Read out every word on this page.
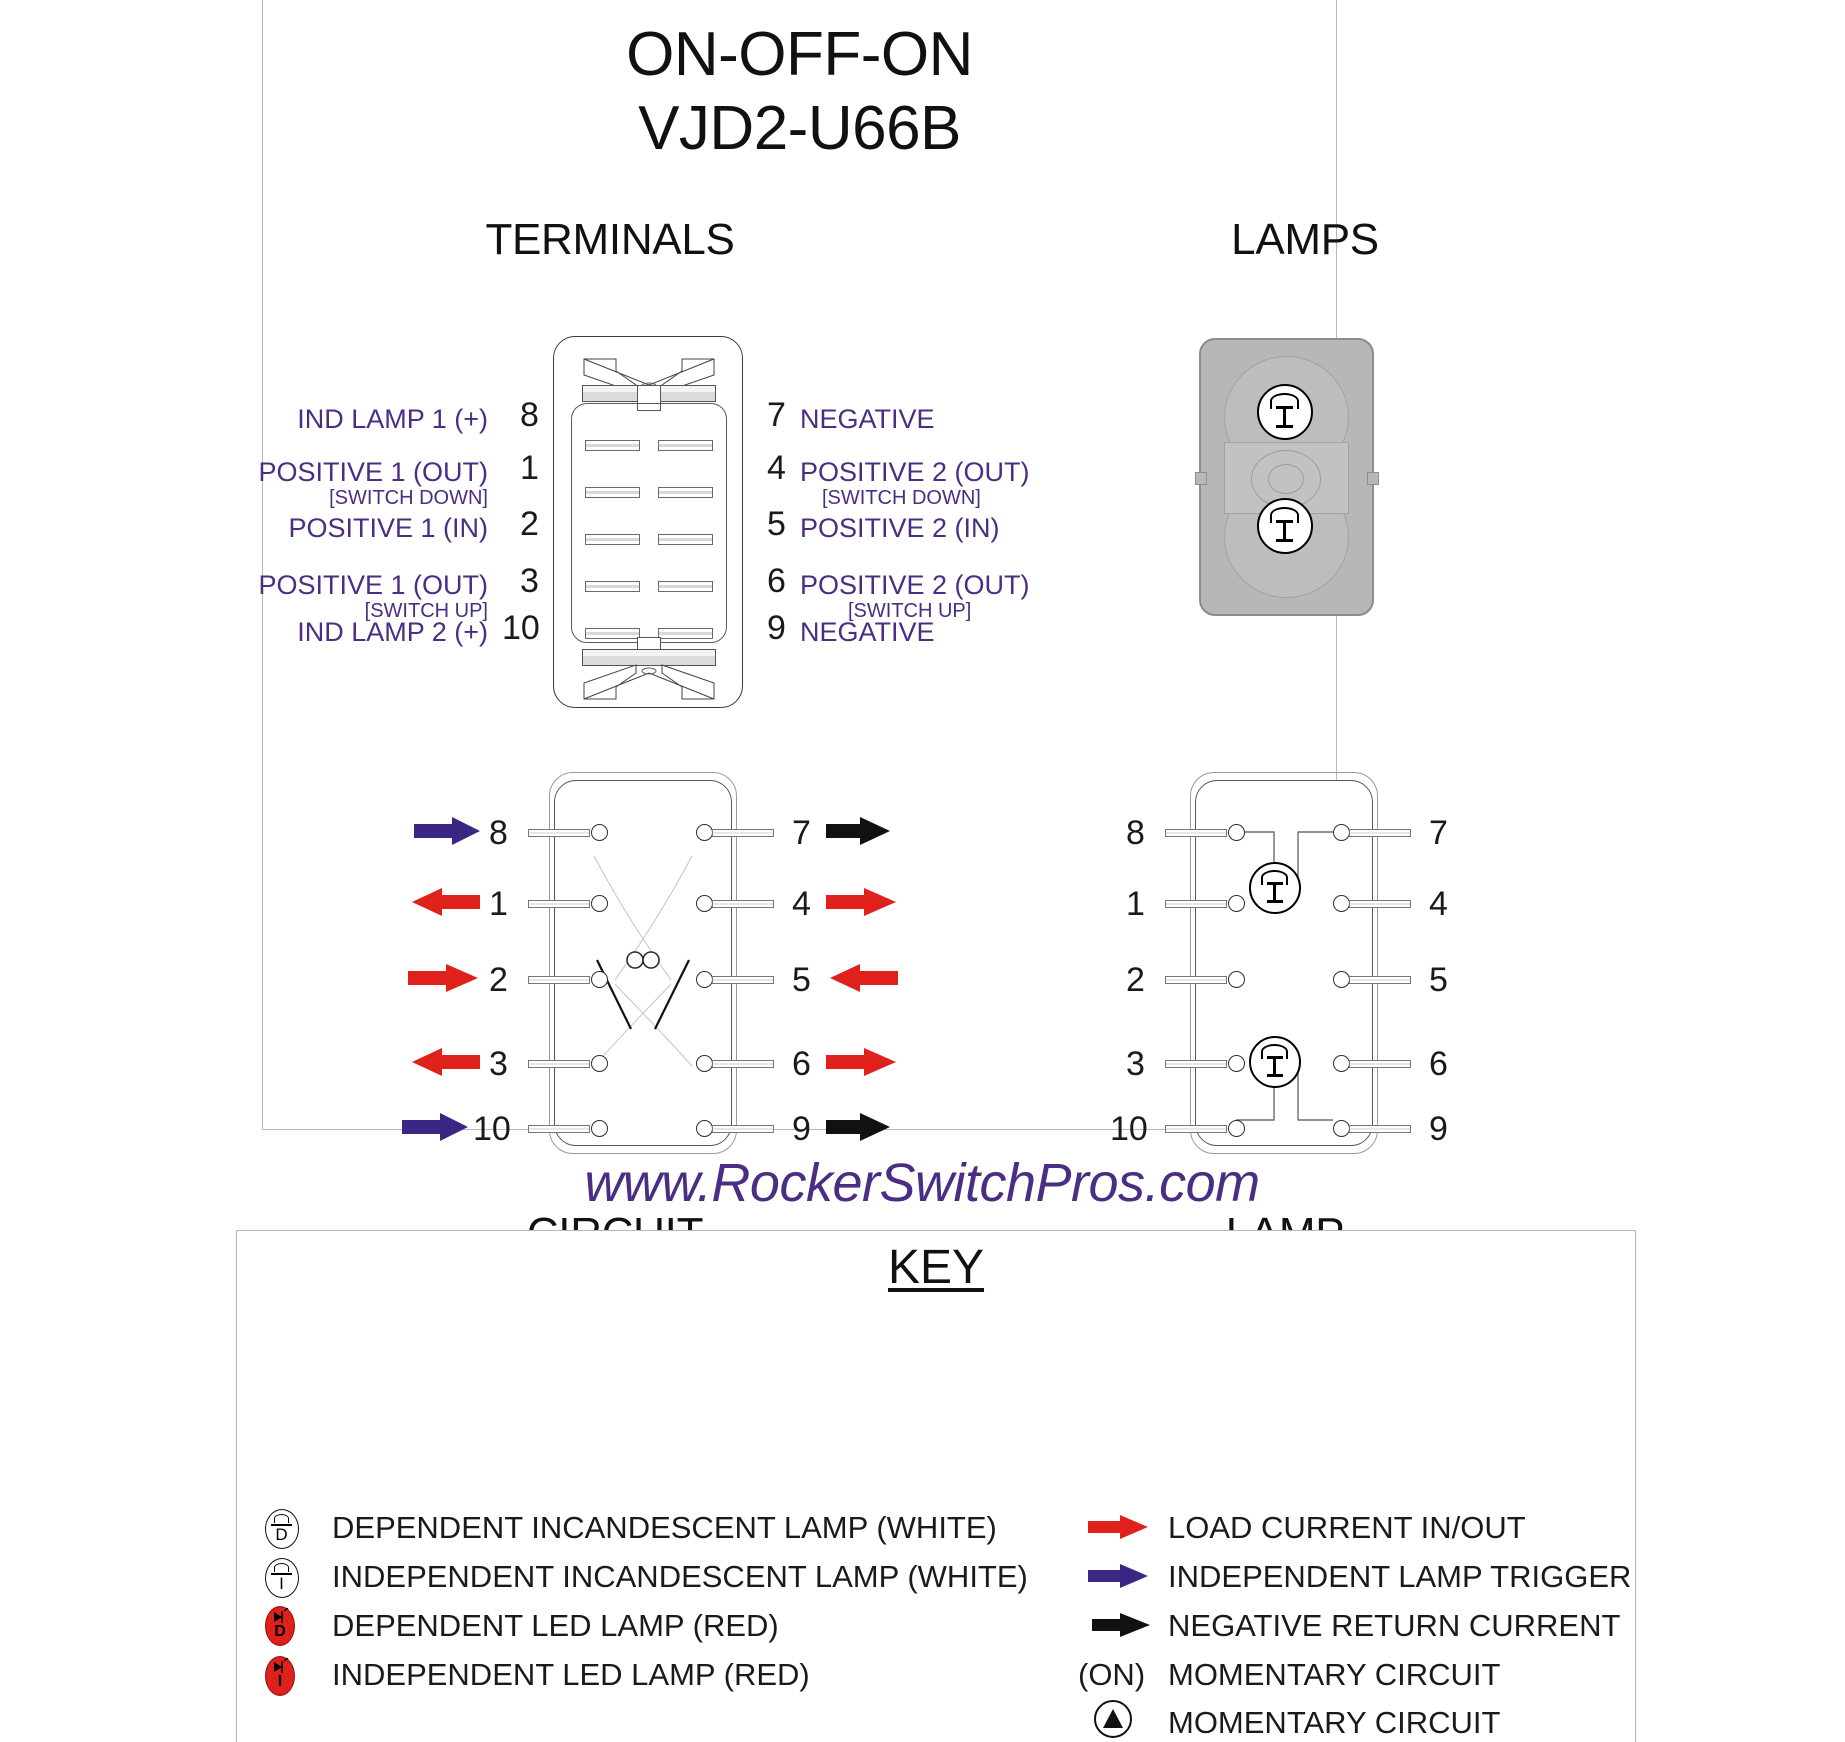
ON-OFF-ON
VJD2-U66B
TERMINALS	LAMPS
IND LAMP 1 (+) 8
POSITIVE 1 (OUT)
[SWITCH DOWN]
1
POSITIVE 1 (IN) 2
POSITIVE 1 (OUT)
[SWITCH UP]
3
IND LAMP 2 (+) 10
7 NEGATIVE
4 POSITIVE 2 (OUT)
[SWITCH DOWN]
5 POSITIVE 2 (IN)
6 POSITIVE 2 (OUT)
[SWITCH UP]
9 NEGATIVE
8
1
2
3
10
7
4
5
6
9
8
1
2
3
10
7
4
5
6
9
www.RockerSwitchPros.com
KEY
D	DEPENDENT INCANDESCENT LAMP (WHITE)
I	INDEPENDENT INCANDESCENT LAMP (WHITE)
D DEPENDENT LED LAMP (RED)
I	INDEPENDENT LED LAMP (RED)
LOAD CURRENT IN/OUT
INDEPENDENT LAMP TRIGGER
NEGATIVE RETURN CURRENT
(ON) MOMENTARY CIRCUIT
MOMENTARY CIRCUIT
